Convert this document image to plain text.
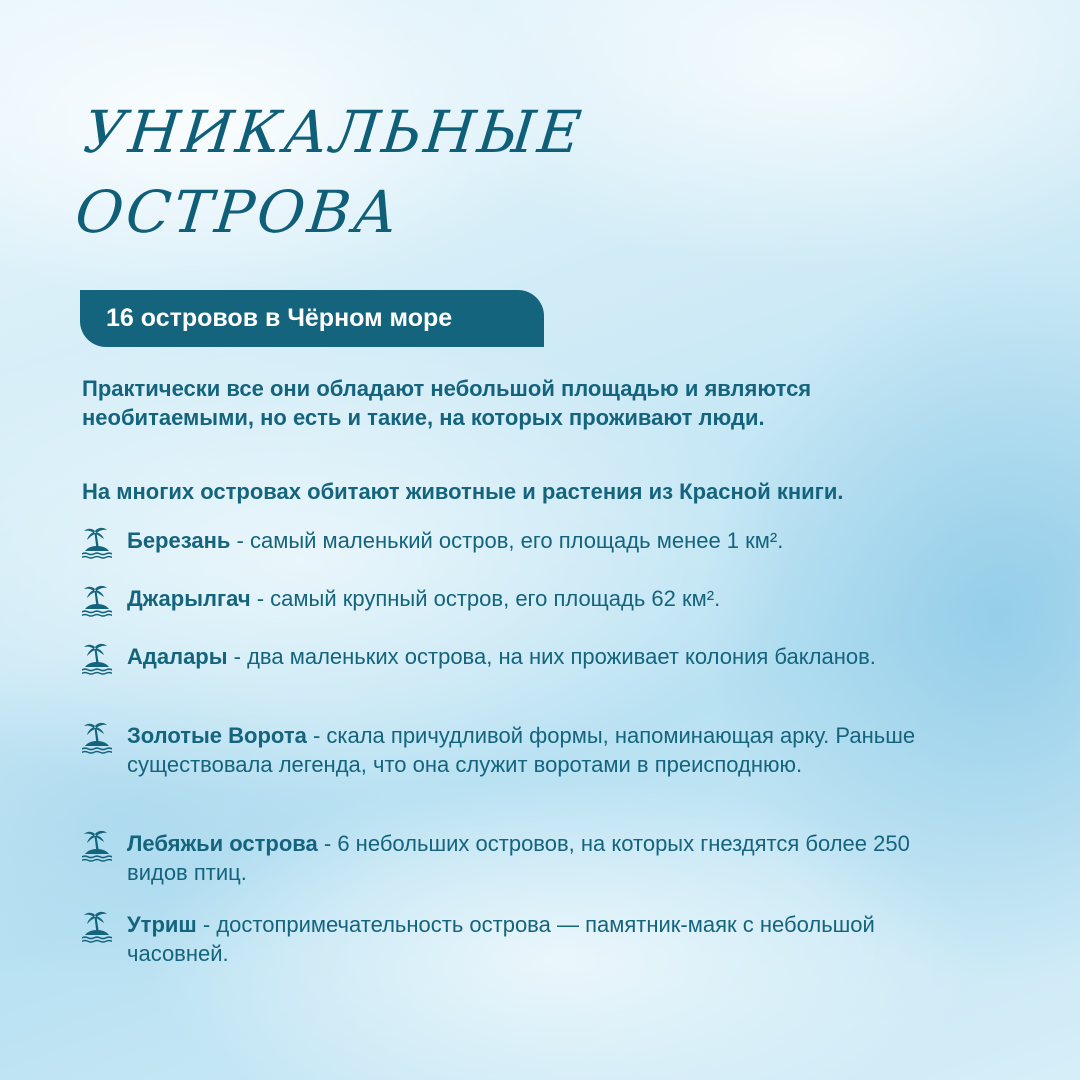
УНИКАЛЬНЫЕ
ОСТРОВА
16 островов в Чёрном море

Практически все они обладают небольшой площадью и являются необитаемыми, но есть и такие, на которых проживают люди.

На многих островах обитают животные и растения из Красной книги.

Березань - самый маленький остров, его площадь менее 1 км².
Джарылгач - самый крупный остров, его площадь 62 км².
Адалары - два маленьких острова, на них проживает колония бакланов.
Золотые Ворота - скала причудливой формы, напоминающая арку. Раньше существовала легенда, что она служит воротами в преисподнюю.
Лебяжьи острова - 6 небольших островов, на которых гнездятся более 250 видов птиц.
Утриш - достопримечательность острова — памятник-маяк с небольшой часовней.
